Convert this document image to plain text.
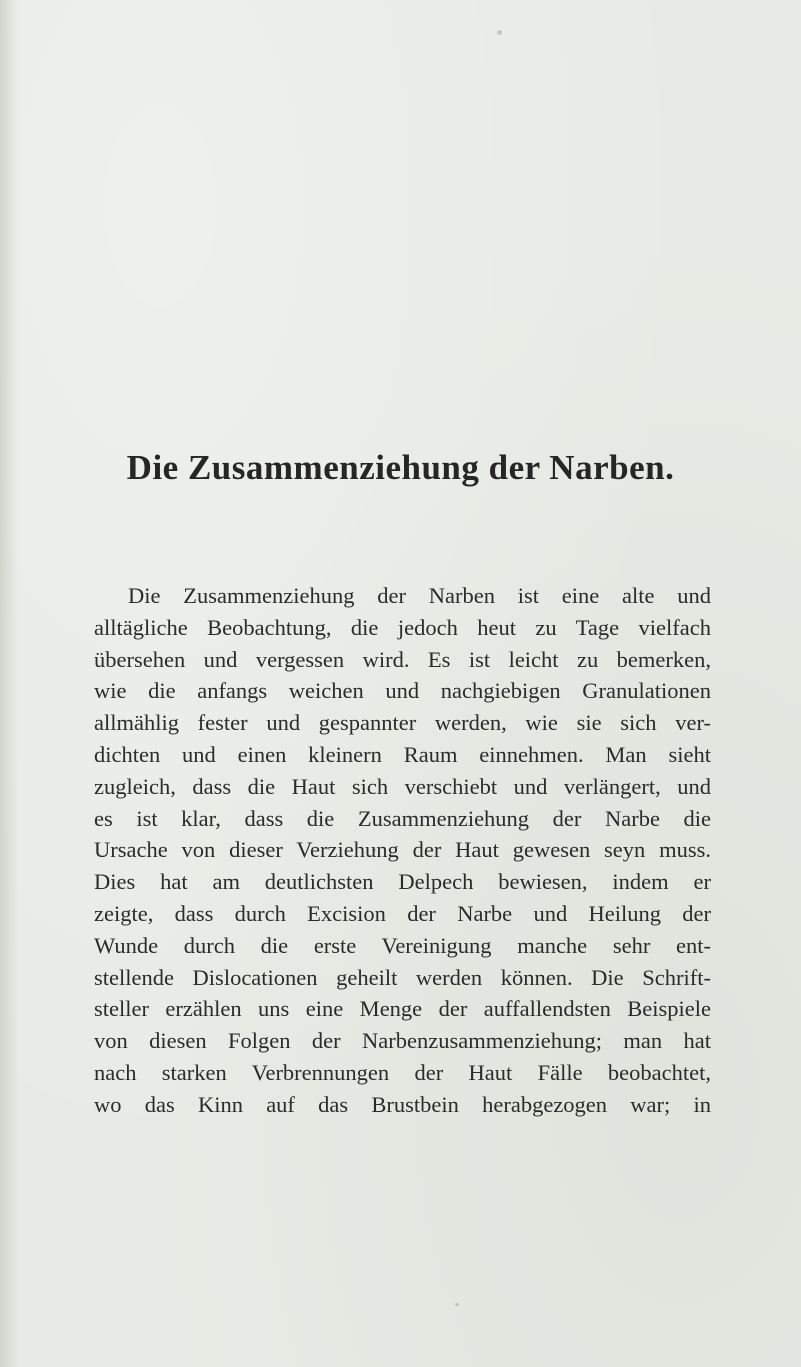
Die Zusammenziehung der Narben.
Die Zusammenziehung der Narben ist eine alte und
alltägliche Beobachtung, die jedoch heut zu Tage vielfach
übersehen und vergessen wird. Es ist leicht zu bemerken,
wie die anfangs weichen und nachgiebigen Granulationen
allmählig fester und gespannter werden, wie sie sich ver-
dichten und einen kleinern Raum einnehmen. Man sieht
zugleich, dass die Haut sich verschiebt und verlängert, und
es ist klar, dass die Zusammenziehung der Narbe die
Ursache von dieser Verziehung der Haut gewesen seyn muss.
Dies hat am deutlichsten Delpech bewiesen, indem er
zeigte, dass durch Excision der Narbe und Heilung der
Wunde durch die erste Vereinigung manche sehr ent-
stellende Dislocationen geheilt werden können. Die Schrift-
steller erzählen uns eine Menge der auffallendsten Beispiele
von diesen Folgen der Narbenzusammenziehung; man hat
nach starken Verbrennungen der Haut Fälle beobachtet,
wo das Kinn auf das Brustbein herabgezogen war; in
